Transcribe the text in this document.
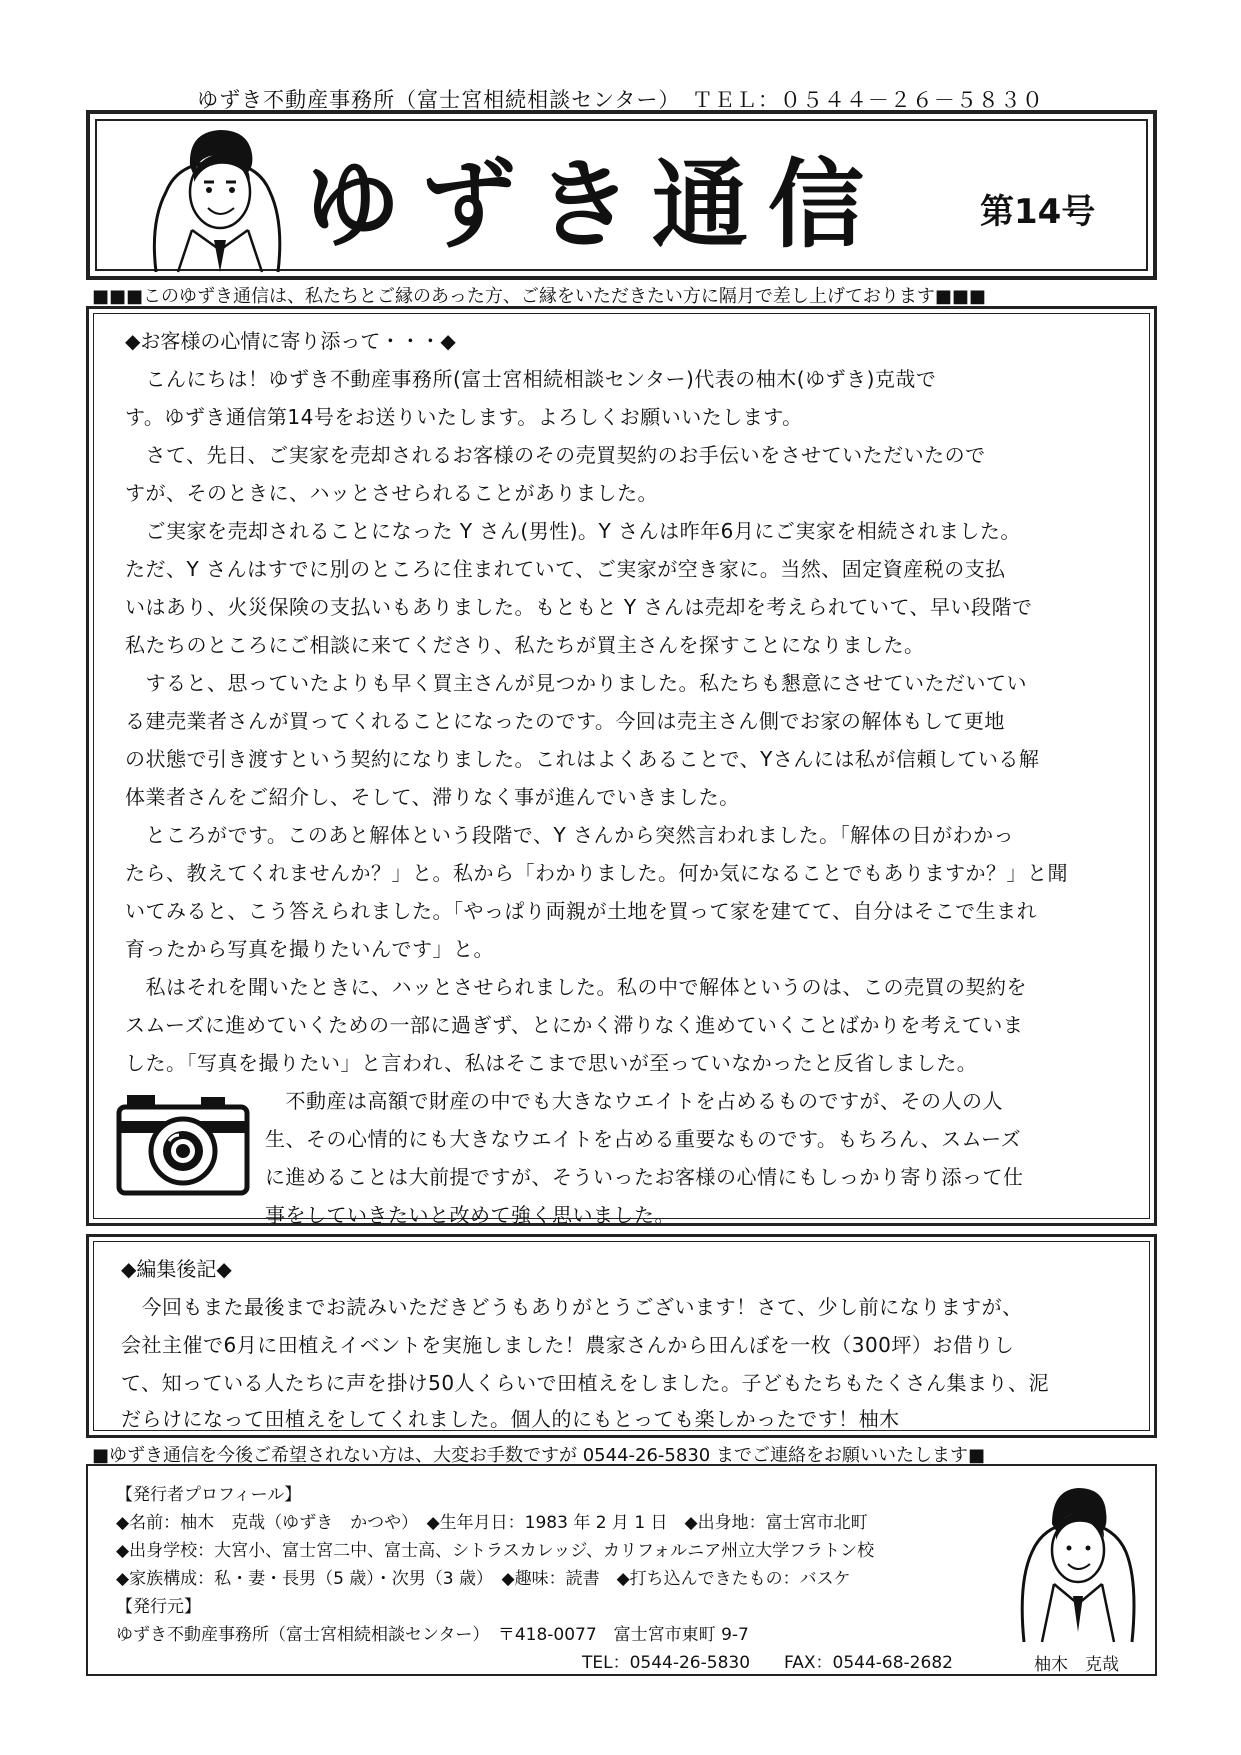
ゆずき不動産事務所（富士宮相続相談センター）　ＴＥＬ：０５４４－２６－５８３０
ゆずき通信	第14号
■■■このゆずき通信は、私たちとご縁のあった方、ご縁をいただきたい方に隔月で差し上げております■■■
◆お客様の心情に寄り添って・・・◆
　こんにちは！ゆずき不動産事務所(富士宮相続相談センター)代表の柚木(ゆずき)克哉で
す。ゆずき通信第14号をお送りいたします。よろしくお願いいたします。
　さて、先日、ご実家を売却されるお客様のその売買契約のお手伝いをさせていただいたので
すが、そのときに、ハッとさせられることがありました。
　ご実家を売却されることになった Y さん(男性)。Y さんは昨年6月にご実家を相続されました。
ただ、Y さんはすでに別のところに住まれていて、ご実家が空き家に。当然、固定資産税の支払
いはあり、火災保険の支払いもありました。もともと Y さんは売却を考えられていて、早い段階で
私たちのところにご相談に来てくださり、私たちが買主さんを探すことになりました。
　すると、思っていたよりも早く買主さんが見つかりました。私たちも懇意にさせていただいてい
る建売業者さんが買ってくれることになったのです。今回は売主さん側でお家の解体もして更地
の状態で引き渡すという契約になりました。これはよくあることで、Yさんには私が信頼している解
体業者さんをご紹介し、そして、滞りなく事が進んでいきました。
　ところがです。このあと解体という段階で、Y さんから突然言われました。「解体の日がわかっ
たら、教えてくれませんか？」と。私から「わかりました。何か気になることでもありますか？」と聞
いてみると、こう答えられました。「やっぱり両親が土地を買って家を建てて、自分はそこで生まれ
育ったから写真を撮りたいんです」と。
　私はそれを聞いたときに、ハッとさせられました。私の中で解体というのは、この売買の契約を
スムーズに進めていくための一部に過ぎず、とにかく滞りなく進めていくことばかりを考えていま
した。「写真を撮りたい」と言われ、私はそこまで思いが至っていなかったと反省しました。
　不動産は高額で財産の中でも大きなウエイトを占めるものですが、その人の人
生、その心情的にも大きなウエイトを占める重要なものです。もちろん、スムーズ
に進めることは大前提ですが、そういったお客様の心情にもしっかり寄り添って仕
事をしていきたいと改めて強く思いました。
◆編集後記◆
　今回もまた最後までお読みいただきどうもありがとうございます！さて、少し前になりますが、
会社主催で6月に田植えイベントを実施しました！農家さんから田んぼを一枚（300坪）お借りし
て、知っている人たちに声を掛け50人くらいで田植えをしました。子どもたちもたくさん集まり、泥
だらけになって田植えをしてくれました。個人的にもとっても楽しかったです！柚木
■ゆずき通信を今後ご希望されない方は、大変お手数ですが 0544-26-5830 までご連絡をお願いいたします■
【発行者プロフィール】
◆名前：柚木　克哉（ゆずき　かつや）　◆生年月日：1983 年 2 月 1 日　◆出身地：富士宮市北町
◆出身学校：大宮小、富士宮二中、富士高、シトラスカレッジ、カリフォルニア州立大学フラトン校
◆家族構成：私・妻・長男（5 歳）・次男（3 歳）　◆趣味：読書　◆打ち込んできたもの：バスケ
【発行元】
ゆずき不動産事務所（富士宮相続相談センター）　〒418-0077　富士宮市東町 9-7
TEL：0544-26-5830　　FAX：0544-68-2682	柚木　克哉
